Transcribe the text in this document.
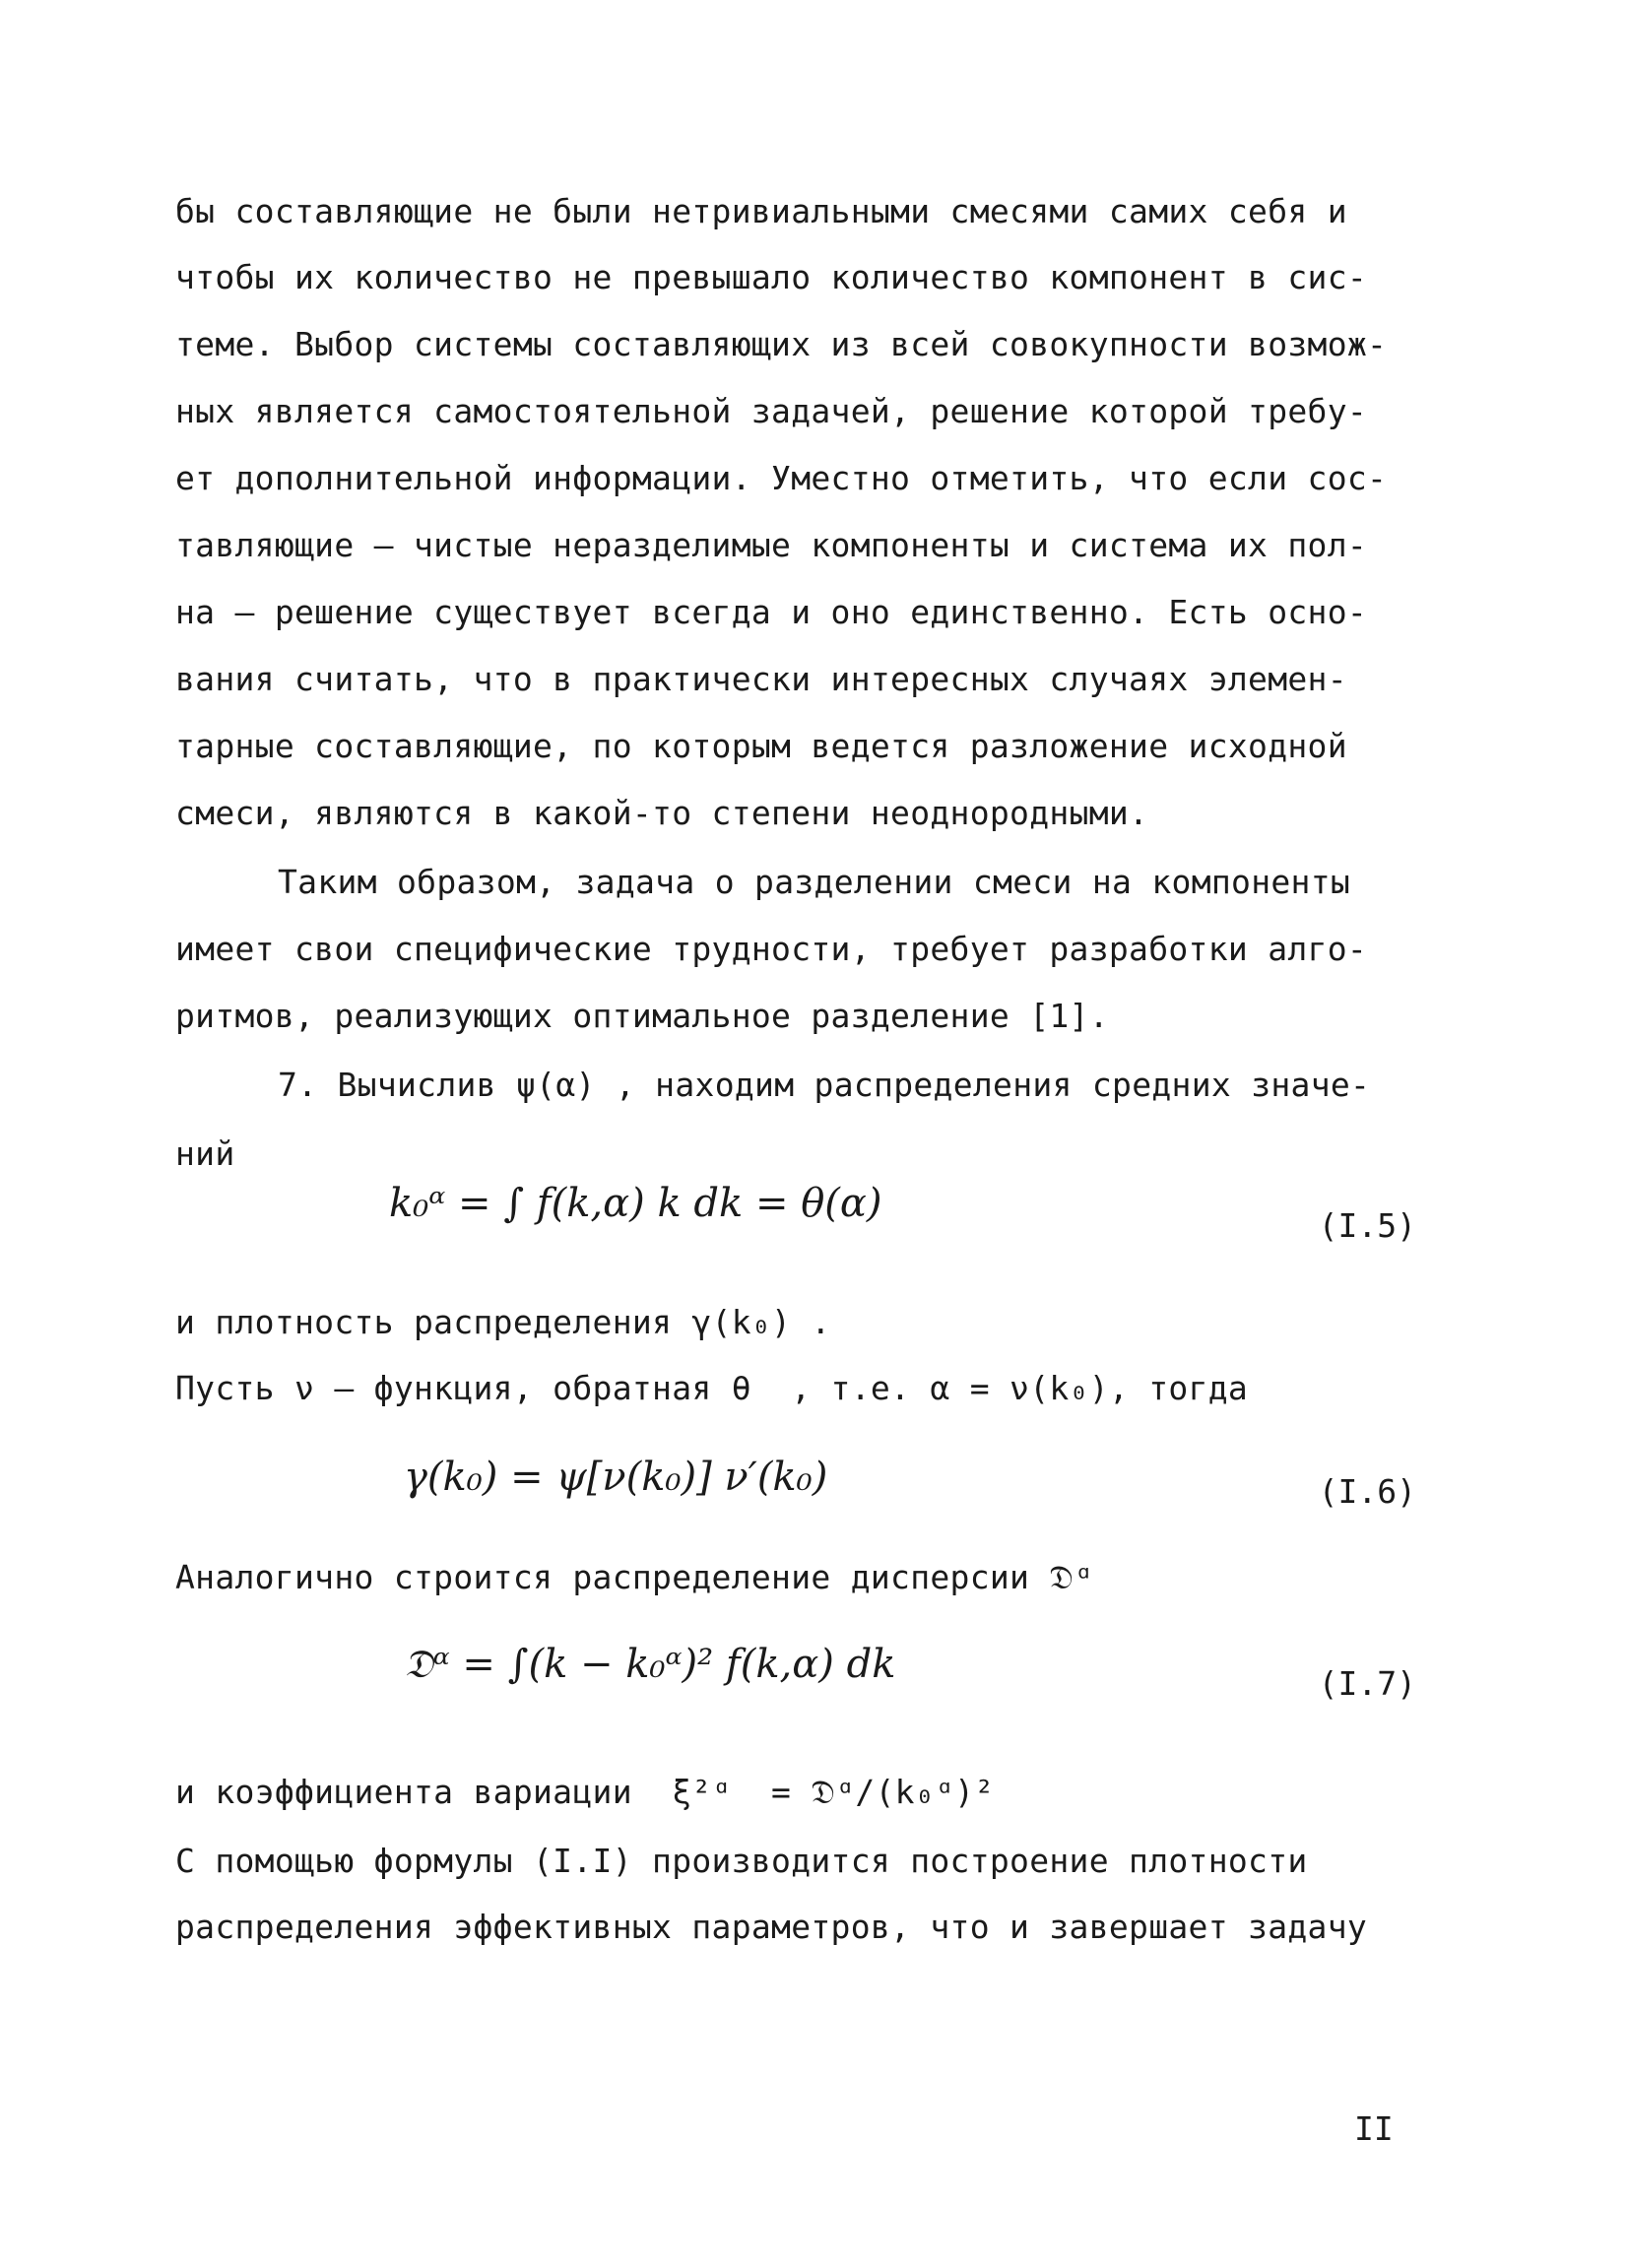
бы составляющие не были нетривиальными смесями самих себя и
чтобы их количество не превышало количество компонент в сис-
теме. Выбор системы составляющих из всей совокупности возмож-
ных является самостоятельной задачей, решение которой требу-
ет дополнительной информации. Уместно отметить, что если сос-
тавляющие – чистые неразделимые компоненты и система их пол-
на – решение существует всегда и оно единственно. Есть осно-
вания считать, что в практически интересных случаях элемен-
тарные составляющие, по которым ведется разложение исходной
смеси, являются в какой-то степени неоднородными.
Таким образом, задача о разделении смеси на компоненты
имеет свои специфические трудности, требует разработки алго-
ритмов, реализующих оптимальное разделение [1].
7. Вычислив ψ(α) , находим распределения средних значе-
ний
k₀ᵅ = ∫ f(k,α) k dk = θ(α)	(I.5)
и плотность распределения γ(k₀) .
Пусть ν – функция, обратная θ  , т.е. α = ν(k₀), тогда
γ(k₀) = ψ[ν(k₀)] ν′(k₀)	(I.6)
Аналогично строится распределение дисперсии 𝔇ᵅ
𝔇ᵅ = ∫(k − k₀ᵅ)² f(k,α) dk	(I.7)
и коэффициента вариации  ξ²ᵅ  = 𝔇ᵅ/(k₀ᵅ)²
С помощью формулы (I.I) производится построение плотности
распределения эффективных параметров, что и завершает задачу
II
